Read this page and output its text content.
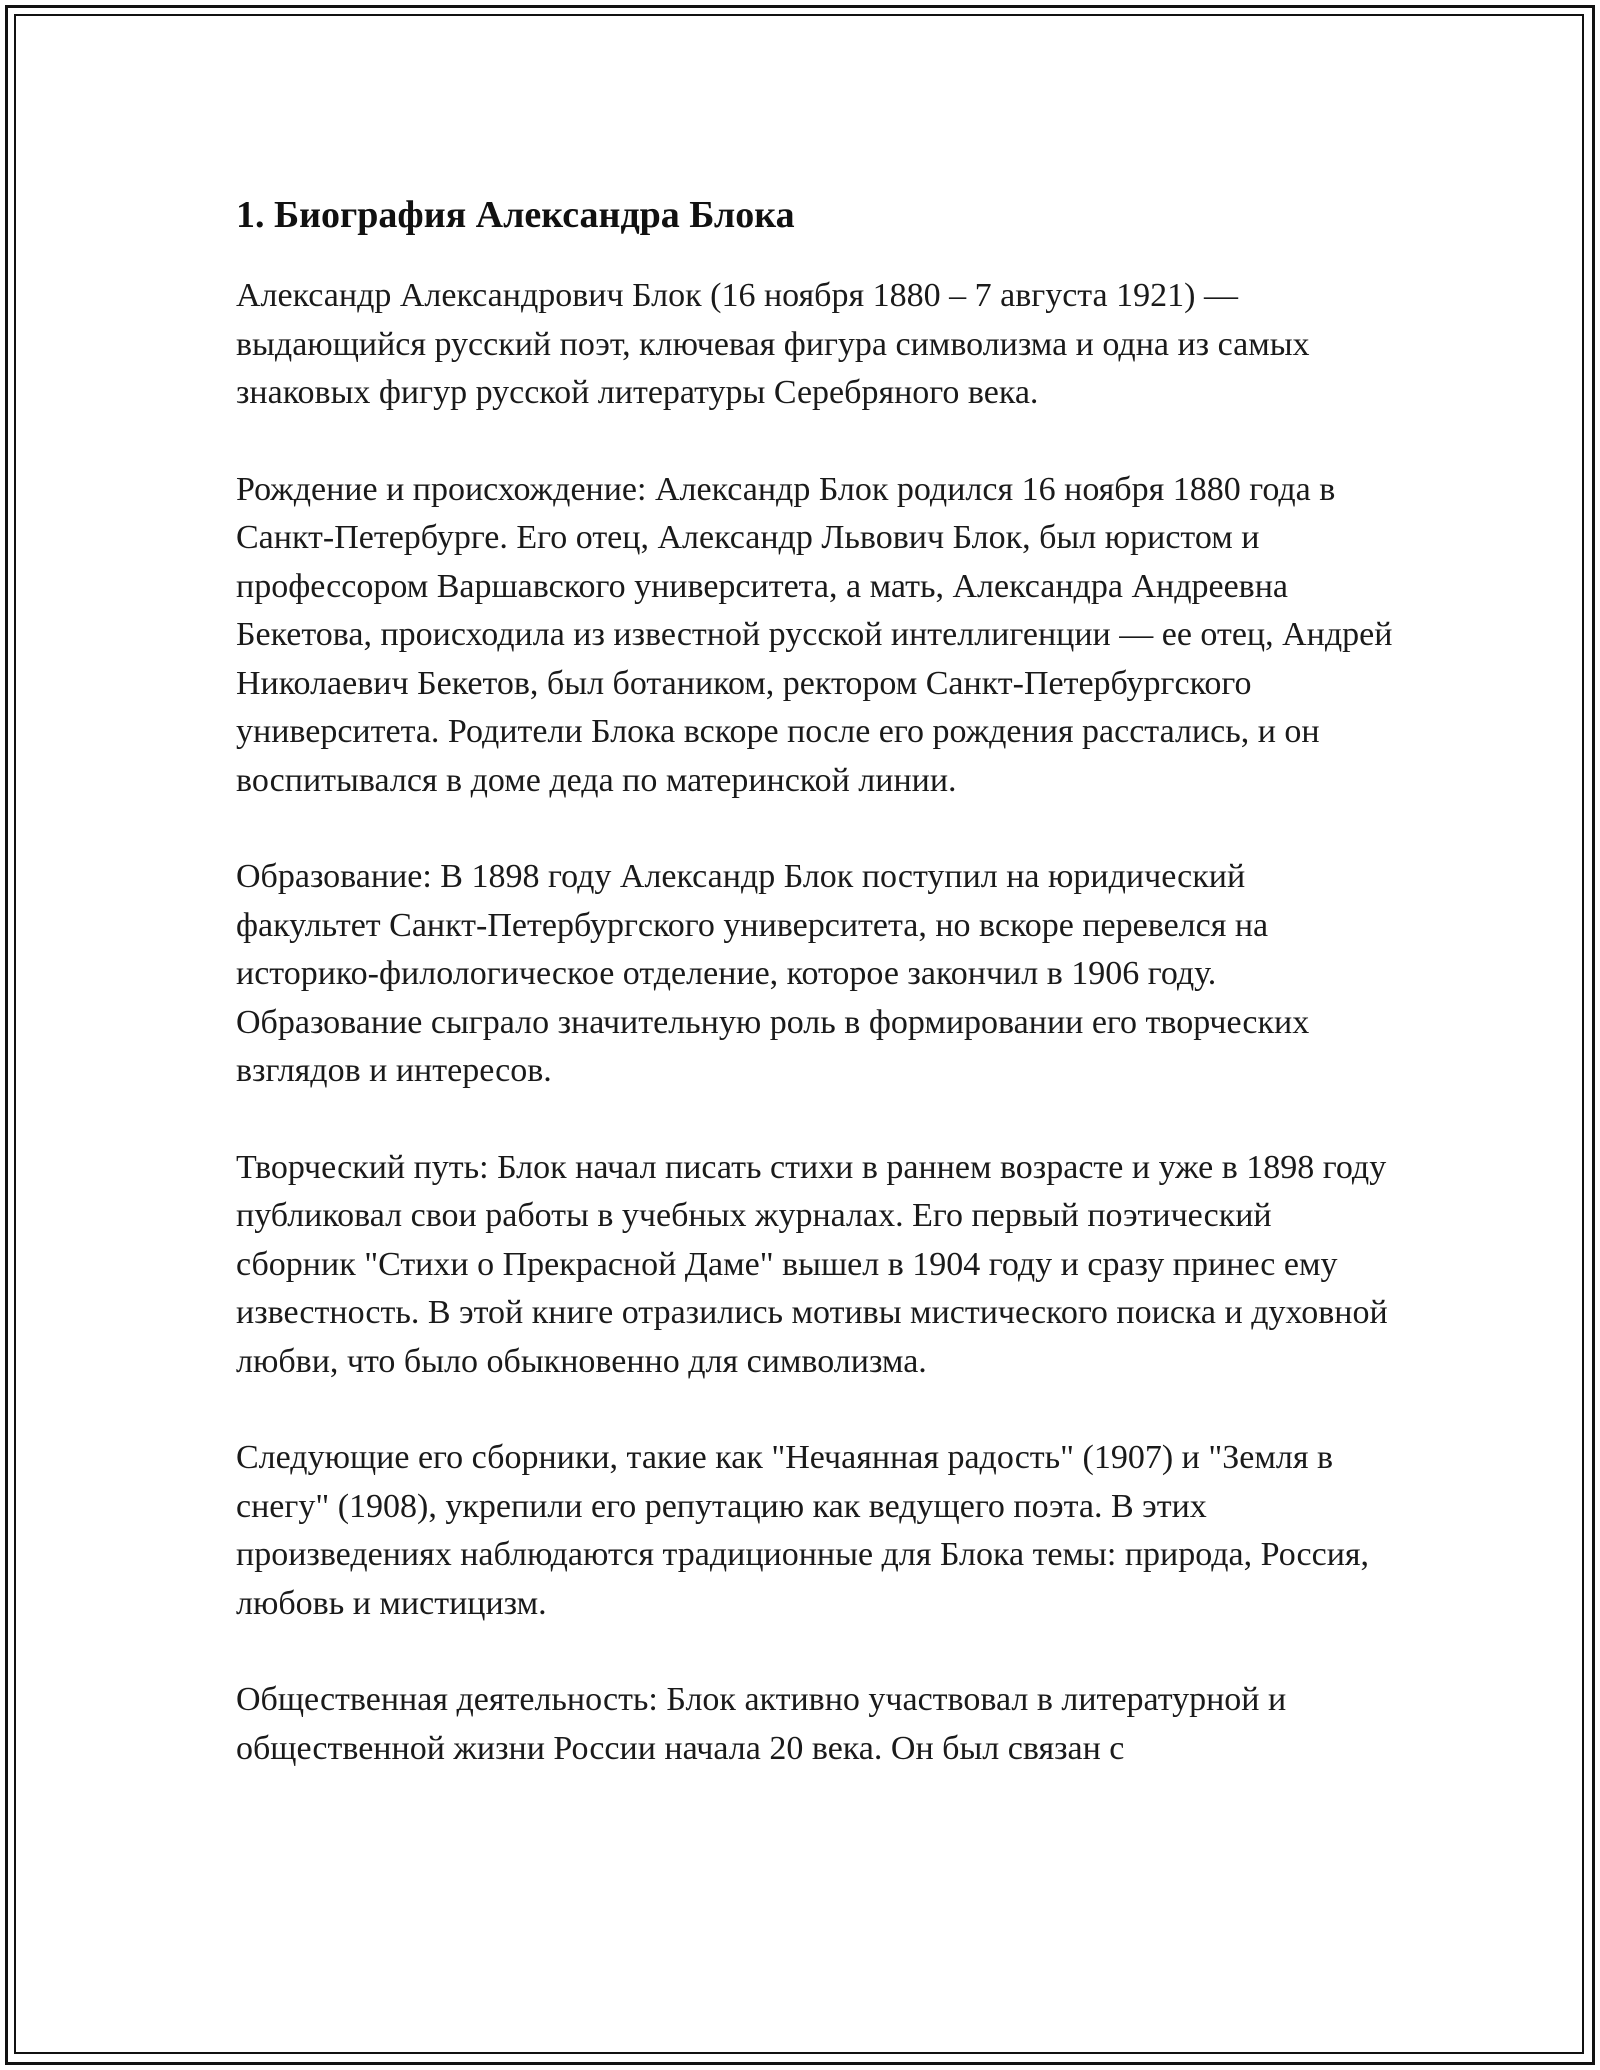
1. Биография Александра Блока

Александр Александрович Блок (16 ноября 1880 – 7 августа 1921) — выдающийся русский поэт, ключевая фигура символизма и одна из самых знаковых фигур русской литературы Серебряного века.

Рождение и происхождение: Александр Блок родился 16 ноября 1880 года в Санкт-Петербурге. Его отец, Александр Львович Блок, был юристом и профессором Варшавского университета, а мать, Александра Андреевна Бекетова, происходила из известной русской интеллигенции — ее отец, Андрей Николаевич Бекетов, был ботаником, ректором Санкт-Петербургского университета. Родители Блока вскоре после его рождения расстались, и он воспитывался в доме деда по материнской линии.

Образование: В 1898 году Александр Блок поступил на юридический факультет Санкт-Петербургского университета, но вскоре перевелся на историко-филологическое отделение, которое закончил в 1906 году. Образование сыграло значительную роль в формировании его творческих взглядов и интересов.

Творческий путь: Блок начал писать стихи в раннем возрасте и уже в 1898 году публиковал свои работы в учебных журналах. Его первый поэтический сборник "Стихи о Прекрасной Даме" вышел в 1904 году и сразу принес ему известность. В этой книге отразились мотивы мистического поиска и духовной любви, что было обыкновенно для символизма.

Следующие его сборники, такие как "Нечаянная радость" (1907) и "Земля в снегу" (1908), укрепили его репутацию как ведущего поэта. В этих произведениях наблюдаются традиционные для Блока темы: природа, Россия, любовь и мистицизм.

Общественная деятельность: Блок активно участвовал в литературной и общественной жизни России начала 20 века. Он был связан с
